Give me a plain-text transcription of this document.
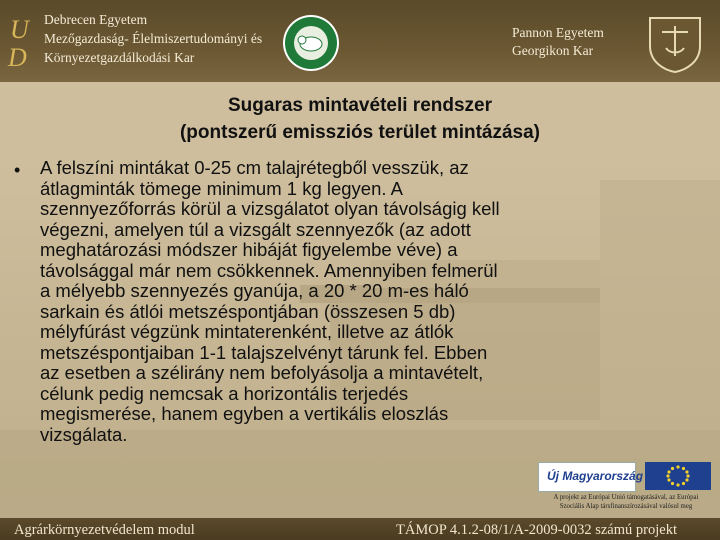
U
D
Debrecen Egyetem
Mezőgazdaság- Élelmiszertudományi és
Környezetgazdálkodási Kar
Pannon Egyetem
Georgikon Kar
Sugaras mintavételi rendszer
(pontszerű emissziós terület mintázása)
• A felszíni mintákat 0-25 cm talajrétegből vesszük, az
átlagminták tömege minimum 1 kg legyen. A
szennyezőforrás körül a vizsgálatot olyan távolságig kell
végezni, amelyen túl a vizsgált szennyezők (az adott
meghatározási módszer hibáját figyelembe véve) a
távolsággal már nem csökkennek. Amennyiben felmerül
a mélyebb szennyezés gyanúja, a 20 * 20 m-es háló
sarkain és átlói metszéspontjában (összesen 5 db)
mélyfúrást végzünk mintaterenként, illetve az átlók
metszéspontjaiban 1-1 talajszelvényt tárunk fel. Ebben
az esetben a szélirány nem befolyásolja a mintavételt,
célunk pedig nemcsak a horizontális terjedés
megismerése, hanem egyben a vertikális eloszlás
vizsgálata.
Új Magyarország
A projekt az Európai Unió támogatásával, az Európai
Szociális Alap társfinanszírozásával valósul meg
Agrárkörnyezetvédelem modul	TÁMOP 4.1.2-08/1/A-2009-0032 számú projekt
